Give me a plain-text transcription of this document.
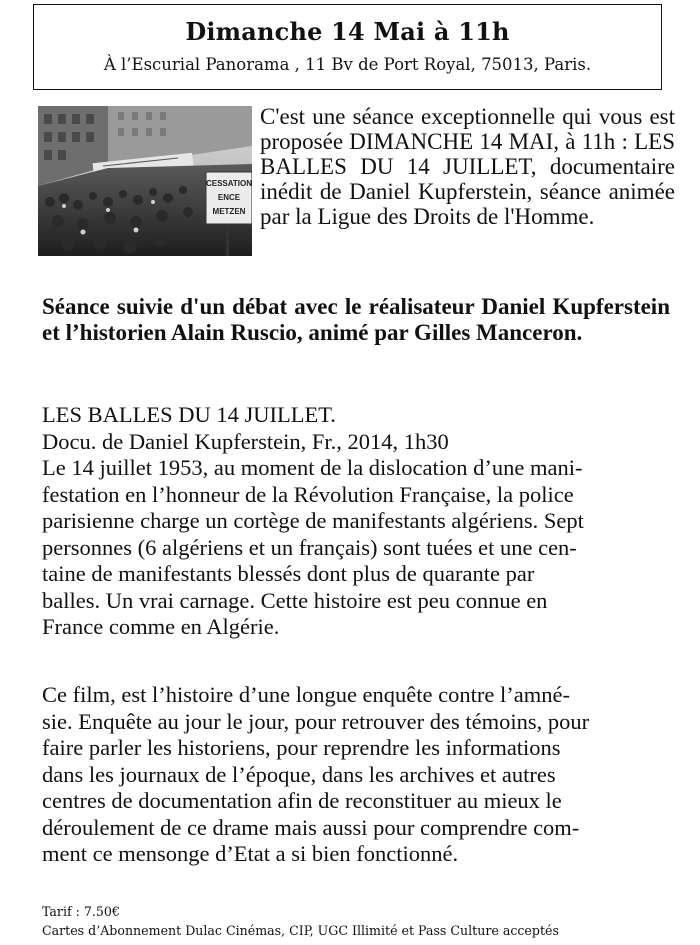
Dimanche 14 Mai à 11h
À l’Escurial Panorama , 11 Bv de Port Royal, 75013, Paris.
CESSATION
ENCE
METZEN
C'est une séance exceptionnelle qui vous est proposée DIMANCHE 14 MAI, à 11h : LES BALLES DU 14 JUILLET, documentaire inédit de Daniel Kupferstein, séance animée par la Ligue des Droits de l'Homme.
Séance suivie d'un débat avec le réalisateur Daniel Kupferstein et l’historien Alain Ruscio, animé par Gilles Manceron.
LES BALLES DU 14 JUILLET.
Docu. de Daniel Kupferstein, Fr., 2014, 1h30
Le 14 juillet 1953, au moment de la dislocation d’une mani-
festation en l’honneur de la Révolution Française, la police
parisienne charge un cortège de manifestants algériens. Sept
personnes (6 algériens et un français) sont tuées et une cen-
taine de manifestants blessés dont plus de quarante par
balles. Un vrai carnage. Cette histoire est peu connue en
France comme en Algérie.
Ce film, est l’histoire d’une longue enquête contre l’amné-
sie. Enquête au jour le jour, pour retrouver des témoins, pour
faire parler les historiens, pour reprendre les informations
dans les journaux de l’époque, dans les archives et autres
centres de documentation afin de reconstituer au mieux le
déroulement de ce drame mais aussi pour comprendre com-
ment ce mensonge d’Etat a si bien fonctionné.
Tarif : 7.50€
Cartes d’Abonnement Dulac Cinémas, CIP, UGC Illimité et Pass Culture acceptés
